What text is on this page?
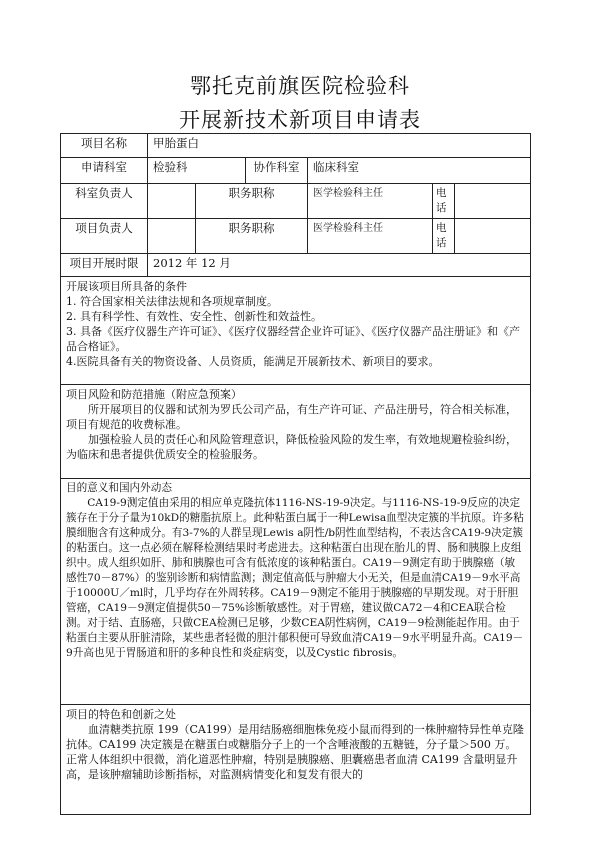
鄂托克前旗医院检验科
开展新技术新项目申请表
项目名称	甲胎蛋白					
申请科室	检验科		协作科室	临床科室		
科室负责人		职务职称		医学检验科主任	电
话	

项目负责人		职务职称		医学检验科主任	电
话	

项目开展时限	2012 年 12 月					

开展该项目所具备的条件

1. 符合国家相关法律法规和各项规章制度。

2. 具有科学性、有效性、安全性、创新性和效益性。

3. 具备《医疗仪器生产许可证》、《医疗仪器经营企业许可证》、《医疗仪器产品注册证》和《产品合格证》。

4.医院具备有关的物资设备、人员资质，能满足开展新技术、新项目的要求。						

项目风险和防范措施（附应急预案）

所开展项目的仪器和试剂为罗氏公司产品，有生产许可证、产品注册号，符合相关标准，项目有规范的收费标准。

加强检验人员的责任心和风险管理意识，降低检验风险的发生率，有效地规避检验纠纷，为临床和患者提供优质安全的检验服务。						

目的意义和国内外动态

CA19-9测定值由采用的相应单克隆抗体1116-NS-19-9决定。与1116-NS-19-9反应的决定簇存在于分子量为10kD的糖脂抗原上。此种粘蛋白属于一种Lewisa血型决定簇的半抗原。许多粘膜细胞含有这种成分。有3-7%的人群呈现Lewis a阴性/b阴性血型结构，不表达含CA19-9决定簇的粘蛋白。这一点必须在解释检测结果时考虑进去。这种粘蛋白出现在胎儿的胃、肠和胰腺上皮组织中。成人组织如肝、肺和胰腺也可含有低浓度的该种粘蛋白。CA19－9测定有助于胰腺癌（敏感性70－87%）的鉴别诊断和病情监测；测定值高低与肿瘤大小无关，但是血清CA19－9水平高于10000U／ml时，几乎均存在外周转移。CA19－9测定不能用于胰腺癌的早期发现。对于肝胆管癌，CA19－9测定值提供50－75%诊断敏感性。对于胃癌，建议做CA72－4和CEA联合检测。对于结、直肠癌，只做CEA检测已足够，少数CEA阴性病例，CA19－9检测能起作用。由于粘蛋白主要从肝脏清除，某些患者轻微的胆汁郁积便可导致血清CA19－9水平明显升高。CA19－9升高也见于胃肠道和肝的多种良性和炎症病变，以及Cystic fibrosis。						

项目的特色和创新之处

血清糖类抗原 199（CA199）是用结肠癌细胞株免疫小鼠而得到的一株肿瘤特异性单克隆抗体。CA199 决定簇是在糖蛋白或糖脂分子上的一个含唾液酸的五糖链，分子量＞500 万。正常人体组织中很微，消化道恶性肿瘤，特别是胰腺癌、胆囊癌患者血清 CA199 含量明显升高，是该肿瘤辅助诊断指标，对监测病情变化和复发有很大的						
